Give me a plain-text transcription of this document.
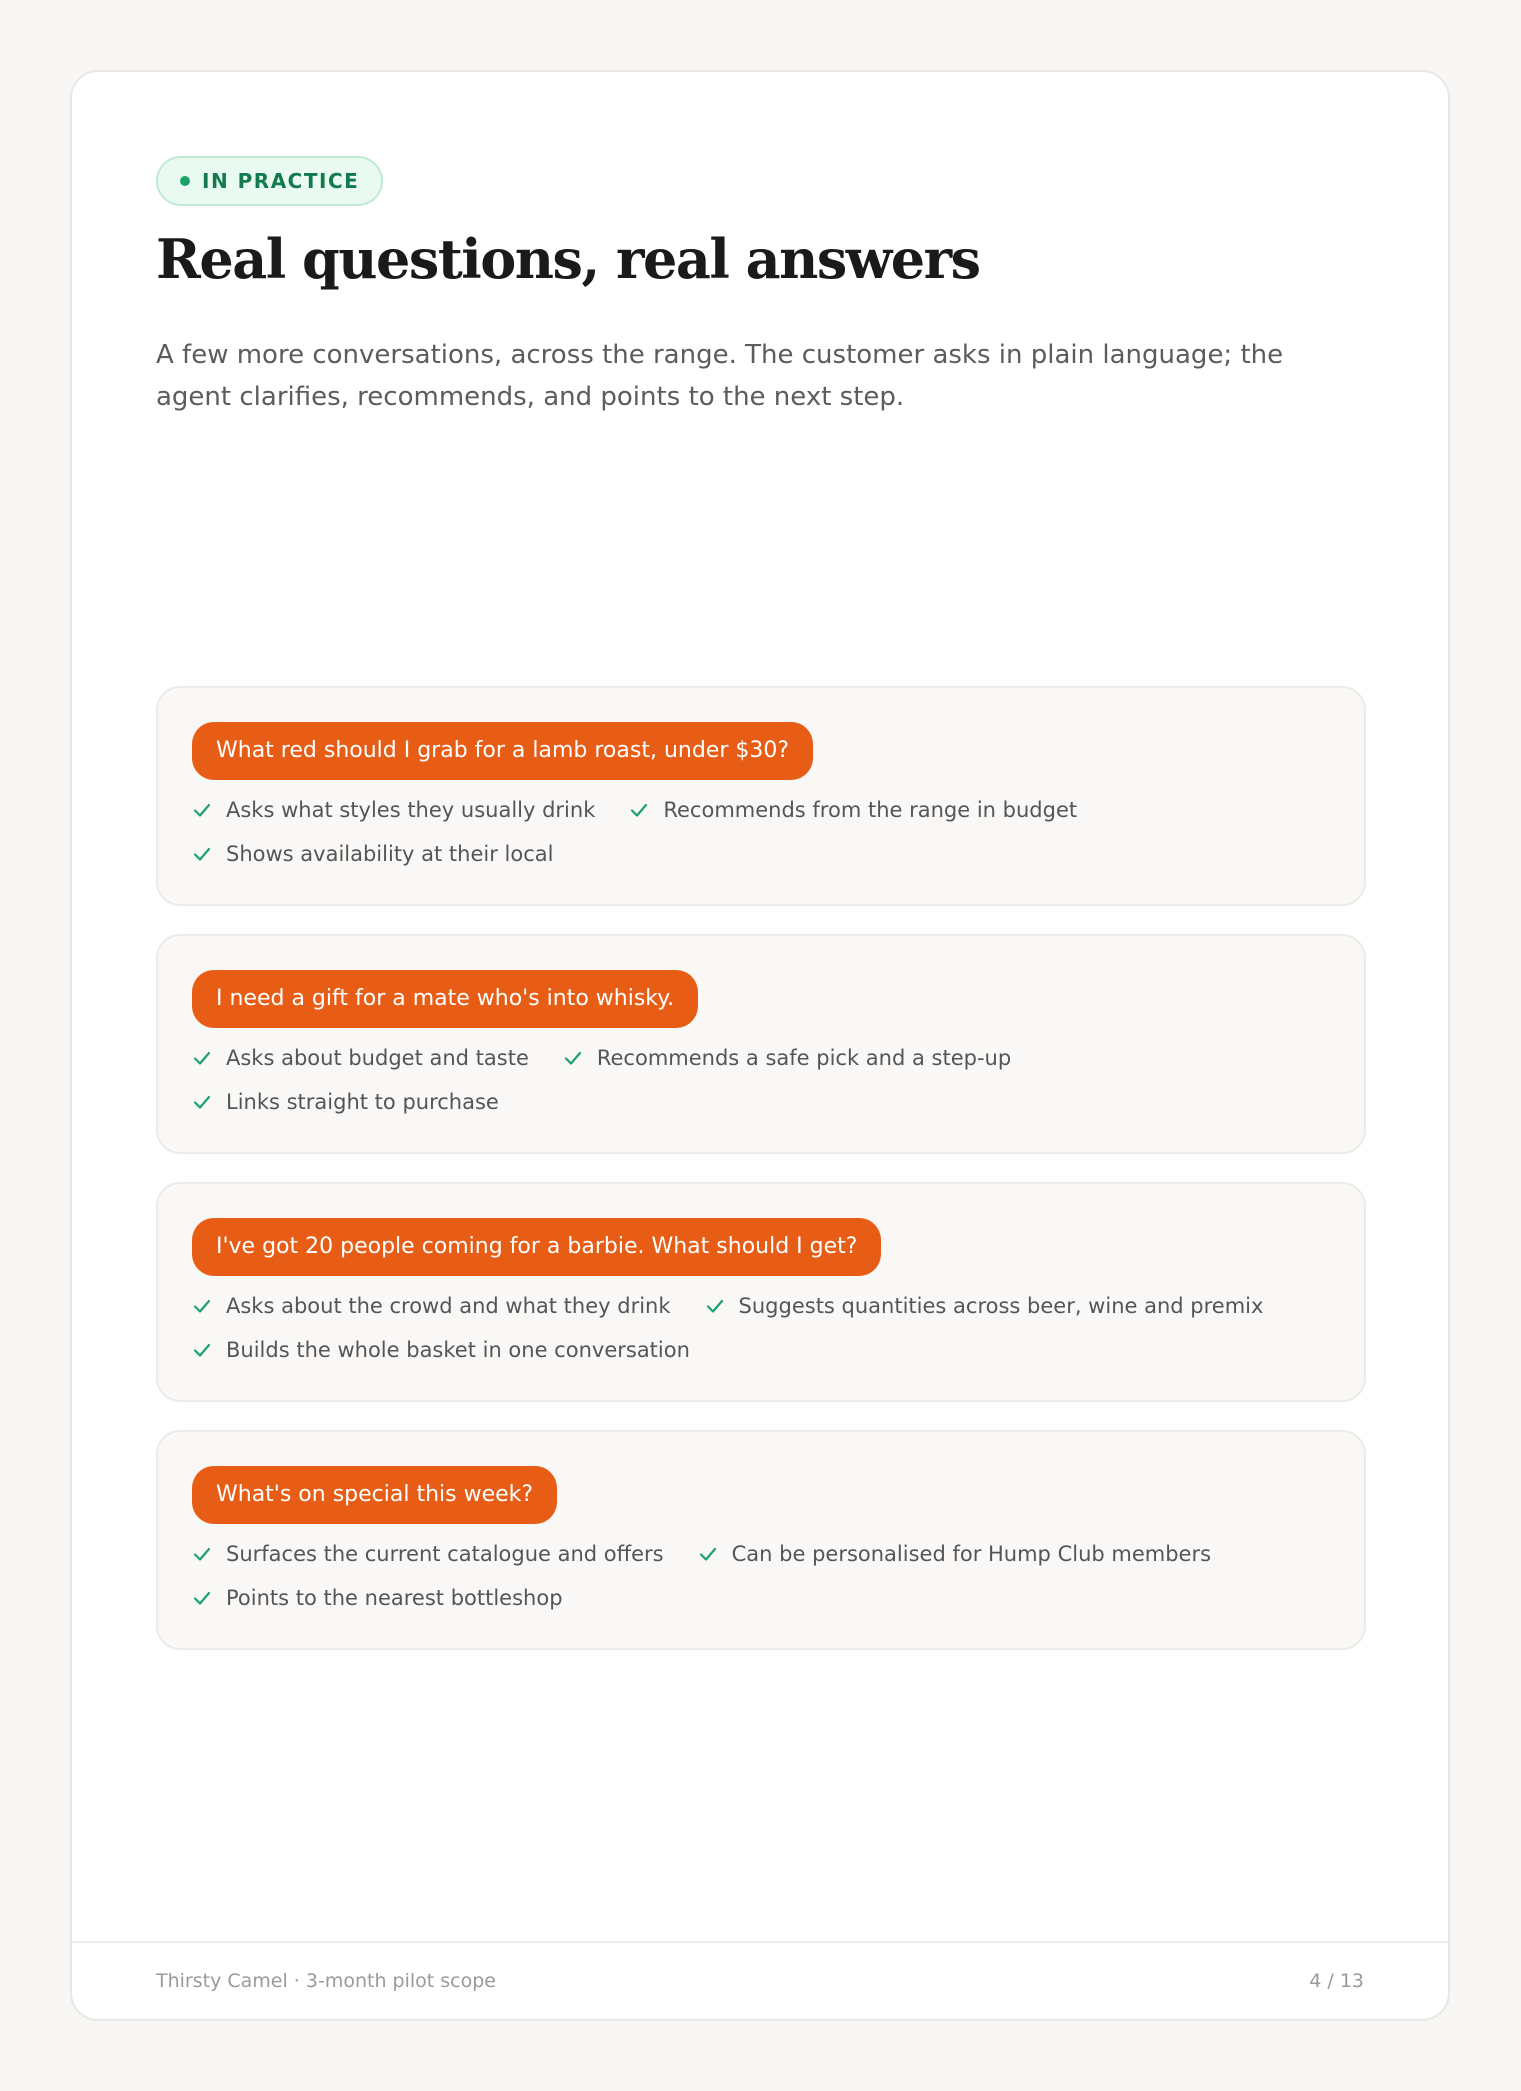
IN PRACTICE
Real questions, real answers

A few more conversations, across the range. The customer asks in plain language; the agent clarifies, recommends, and points to the next step.

What red should I grab for a lamb roast, under $30?
Asks what styles they usually drink	Recommends from the range in budget
Shows availability at their local
I need a gift for a mate who's into whisky.
Asks about budget and taste	Recommends a safe pick and a step-up
Links straight to purchase
I've got 20 people coming for a barbie. What should I get?
Asks about the crowd and what they drink	Suggests quantities across beer, wine and premix
Builds the whole basket in one conversation
What's on special this week?
Surfaces the current catalogue and offers	Can be personalised for Hump Club members
Points to the nearest bottleshop
Thirsty Camel · 3-month pilot scope	4 / 13
